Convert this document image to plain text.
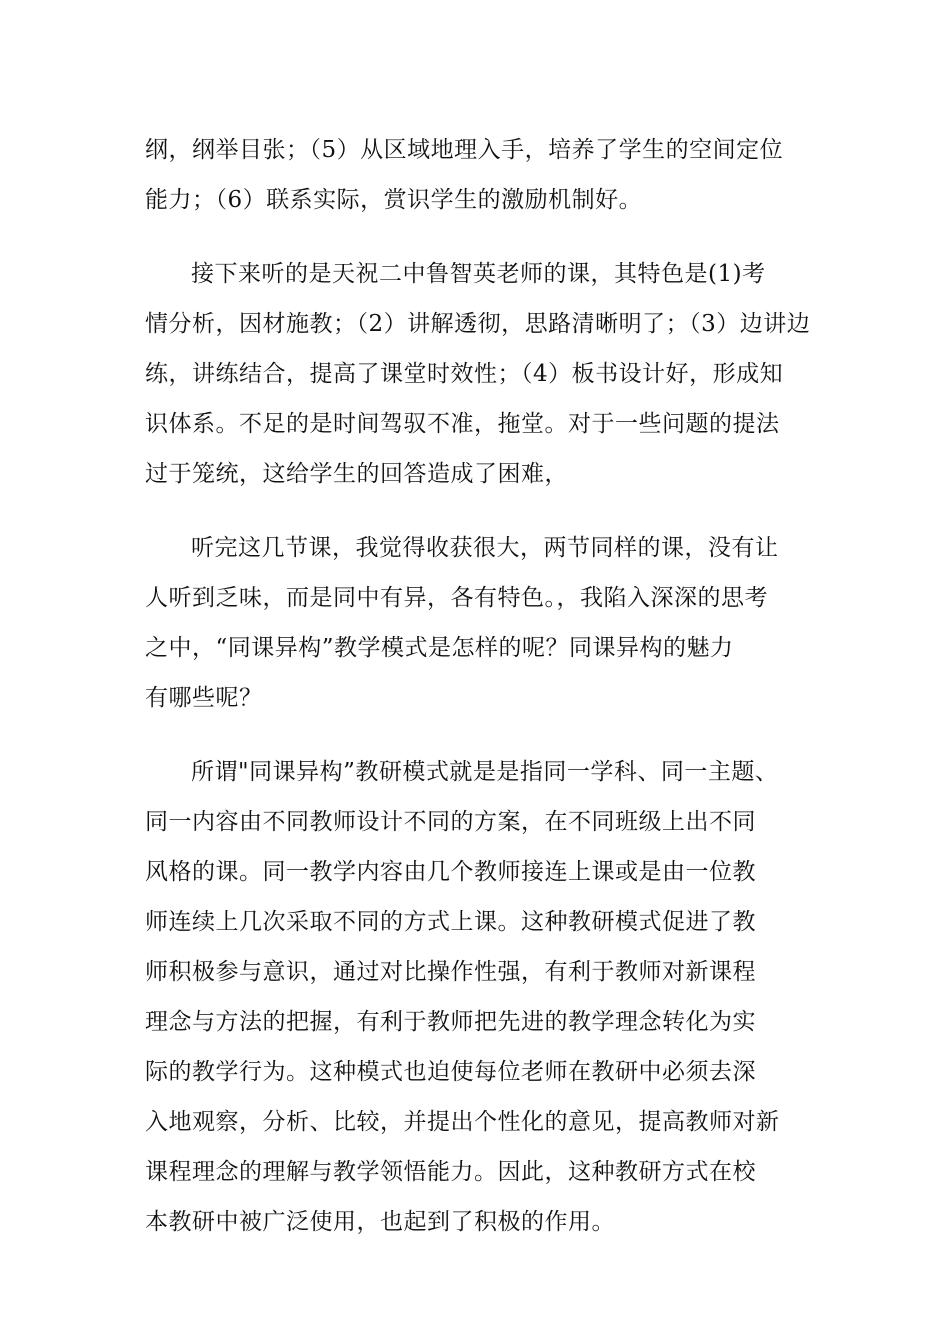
纲，纲举目张；（5）从区域地理入手，培养了学生的空间定位
能力；（6）联系实际，赏识学生的激励机制好。
接下来听的是天祝二中鲁智英老师的课，其特色是(1)考
情分析，因材施教；（2）讲解透彻，思路清晰明了；（3）边讲边
练，讲练结合，提高了课堂时效性；（4）板书设计好，形成知
识体系。不足的是时间驾驭不准，拖堂。对于一些问题的提法
过于笼统，这给学生的回答造成了困难，
听完这几节课，我觉得收获很大，两节同样的课，没有让
人听到乏味，而是同中有异，各有特色。，我陷入深深的思考
之中，“同课异构”教学模式是怎样的呢？同课异构的魅力
有哪些呢？
所谓"同课异构”教研模式就是是指同一学科、同一主题、
同一内容由不同教师设计不同的方案，在不同班级上出不同
风格的课。同一教学内容由几个教师接连上课或是由一位教
师连续上几次采取不同的方式上课。这种教研模式促进了教
师积极参与意识，通过对比操作性强，有利于教师对新课程
理念与方法的把握，有利于教师把先进的教学理念转化为实
际的教学行为。这种模式也迫使每位老师在教研中必须去深
入地观察，分析、比较，并提出个性化的意见，提高教师对新
课程理念的理解与教学领悟能力。因此，这种教研方式在校
本教研中被广泛使用，也起到了积极的作用。
